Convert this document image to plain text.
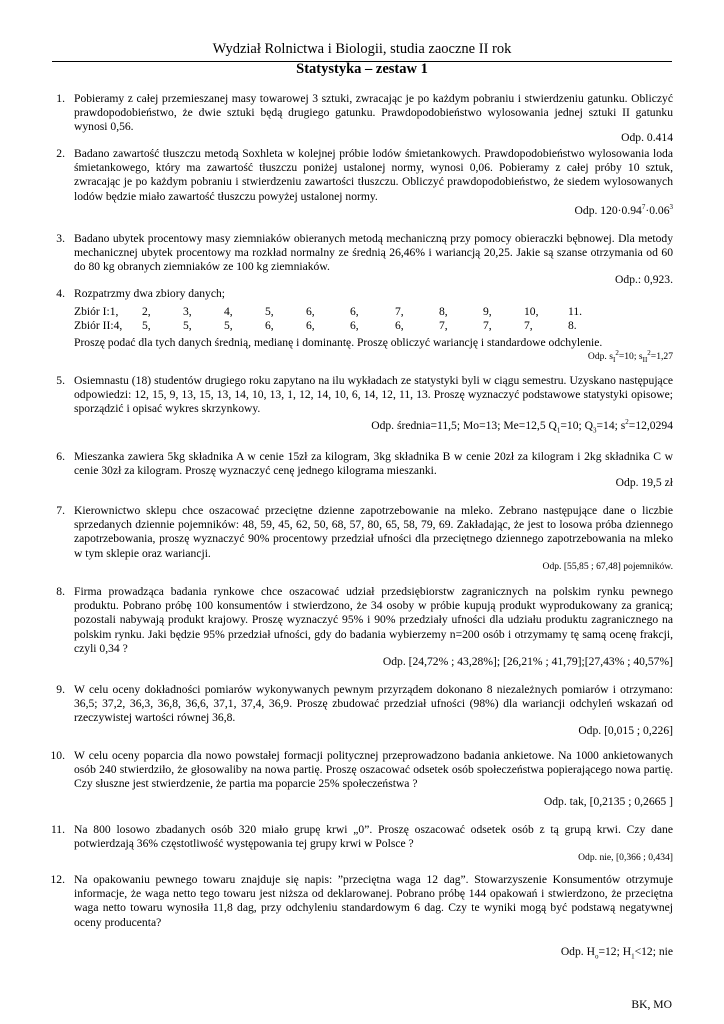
Wydział Rolnictwa i Biologii, studia zaoczne II rok
Statystyka – zestaw 1
1. Pobieramy z całej przemieszanej masy towarowej 3 sztuki, zwracając je po każdym pobraniu i stwierdzeniu gatunku. Obliczyć prawdopodobieństwo, że dwie sztuki będą drugiego gatunku. Prawdopodobieństwo wylosowania jednej sztuki II gatunku wynosi 0,56.
Odp. 0.414
2. Badano zawartość tłuszczu metodą Soxhleta w kolejnej próbie lodów śmietankowych. Prawdopodobieństwo wylosowania loda śmietankowego, który ma zawartość tłuszczu poniżej ustalonej normy, wynosi 0,06. Pobieramy z całej próby 10 sztuk, zwracając je po każdym pobraniu i stwierdzeniu zawartości tłuszczu. Obliczyć prawdopodobieństwo, że siedem wylosowanych lodów będzie miało zawartość tłuszczu powyżej ustalonej normy.
Odp. $120\cdot 0.94^7\cdot 0.06^3$
3. Badano ubytek procentowy masy ziemniaków obieranych metodą mechaniczną przy pomocy obieraczki bębnowej. Dla metody mechanicznej ubytek procentowy ma rozkład normalny ze średnią 26,46% i wariancją 20,25. Jakie są szanse otrzymania od 60 do 80 kg obranych ziemniaków ze 100 kg ziemniaków.
Odp.: 0,923.
4. Rozpatrzmy dwa zbiory danych;
Zbiór I:1, 2,	3,	4,	5,	6,	6,	7,	8,	9,	10,	11.
Zbiór II:4, 5,	5,	5,	6,	6,	6,	6,	7,	7,	7,	8.
Proszę podać dla tych danych średnią, medianę i dominantę. Proszę obliczyć wariancję i standardowe odchylenie.
Odp. $s_I^2=10$; $s_{II}^2=1,27$
5. Osiemnastu (18) studentów drugiego roku zapytano na ilu wykładach ze statystyki byli w ciągu semestru. Uzyskano następujące odpowiedzi: 12, 15, 9, 13, 15, 13, 14, 10, 13, 1, 12, 14, 10, 6, 14, 12, 11, 13. Proszę wyznaczyć podstawowe statystyki opisowe; sporządzić i opisać wykres skrzynkowy.
Odp. średnia=11,5; Mo=13; Me=12,5 $Q_1=10$; $Q_3=14$; $s^2=12,0294$
6. Mieszanka zawiera 5kg składnika A w cenie 15zł za kilogram, 3kg składnika B w cenie 20zł za kilogram i 2kg składnika C w cenie 30zł za kilogram. Proszę wyznaczyć cenę jednego kilograma mieszanki.
Odp. 19,5 zł
7. Kierownictwo sklepu chce oszacować przeciętne dzienne zapotrzebowanie na mleko. Zebrano następujące dane o liczbie sprzedanych dziennie pojemników: 48, 59, 45, 62, 50, 68, 57, 80, 65, 58, 79, 69. Zakładając, że jest to losowa próba dziennego zapotrzebowania, proszę wyznaczyć 90% procentowy przedział ufności dla przeciętnego dziennego zapotrzebowania na mleko w tym sklepie oraz wariancji.
Odp. [55,85 ; 67,48] pojemników.
8. Firma prowadząca badania rynkowe chce oszacować udział przedsiębiorstw zagranicznych na polskim rynku pewnego produktu. Pobrano próbę 100 konsumentów i stwierdzono, że 34 osoby w próbie kupują produkt wyprodukowany za granicą; pozostali nabywają produkt krajowy. Proszę wyznaczyć 95% i 90% przedziały ufności dla udziału produktu zagranicznego na polskim rynku. Jaki będzie 95% przedział ufności, gdy do badania wybierzemy n=200 osób i otrzymamy tę samą ocenę frakcji, czyli 0,34 ?
Odp. [24,72% ; 43,28%]; [26,21% ; 41,79];[27,43% ; 40,57%]
9. W celu oceny dokładności pomiarów wykonywanych pewnym przyrządem dokonano 8 niezależnych pomiarów i otrzymano: 36,5; 37,2, 36,3, 36,8, 36,6, 37,1, 37,4, 36,9. Proszę zbudować przedział ufności (98%) dla wariancji odchyleń wskazań od rzeczywistej wartości równej 36,8.
Odp. [0,015 ; 0,226]
10. W celu oceny poparcia dla nowo powstałej formacji politycznej przeprowadzono badania ankietowe. Na 1000 ankietowanych osób 240 stwierdziło, że głosowaliby na nowa partię. Proszę oszacować odsetek osób społeczeństwa popierającego nowa partię. Czy słuszne jest stwierdzenie, że partia ma poparcie 25% społeczeństwa ?
Odp. tak, [0,2135 ; 0,2665 ]
11. Na 800 losowo zbadanych osób 320 miało grupę krwi „0”. Proszę oszacować odsetek osób z tą grupą krwi. Czy dane potwierdzają 36% częstotliwość występowania tej grupy krwi w Polsce ?
Odp. nie, [0,366 ; 0,434]
12. Na opakowaniu pewnego towaru znajduje się napis: ”przeciętna waga 12 dag”. Stowarzyszenie Konsumentów otrzymuje informacje, że waga netto tego towaru jest niższa od deklarowanej. Pobrano próbę 144 opakowań i stwierdzono, że przeciętna waga netto towaru wynosiła 11,8 dag, przy odchyleniu standardowym 6 dag. Czy te wyniki mogą być podstawą negatywnej oceny producenta?
Odp. $H_o=12$; $H_1<12$; nie
BK, MO
